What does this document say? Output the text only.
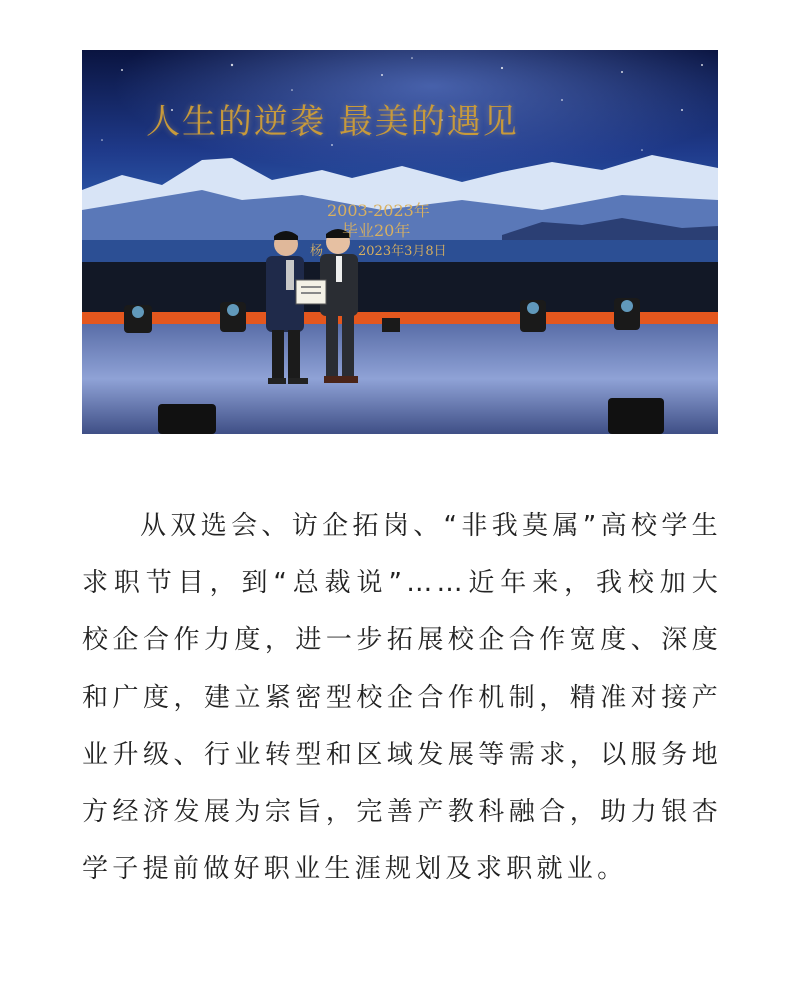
人生的逆袭 最美的遇见
2003-2023年
毕业20年
杨	2023年3月8日

从双选会、访企拓岗、“非我莫属”高校学生求职节目，到“总裁说”……近年来，我校加大校企合作力度，进一步拓展校企合作宽度、深度和广度，建立紧密型校企合作机制，精准对接产业升级、行业转型和区域发展等需求，以服务地方经济发展为宗旨，完善产教科融合，助力银杏学子提前做好职业生涯规划及求职就业。
